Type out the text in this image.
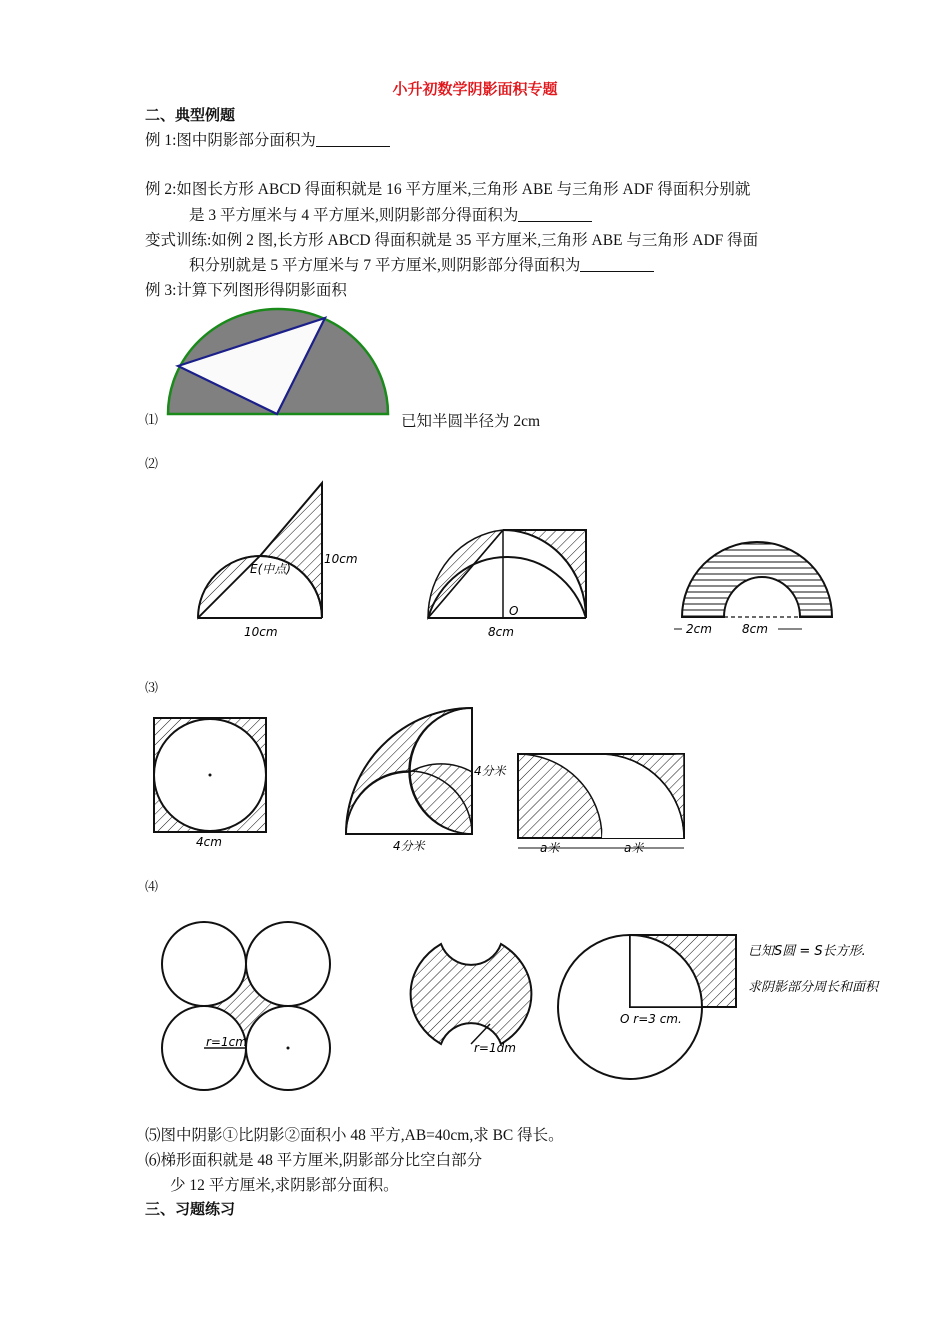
小升初数学阴影面积专题
二、典型例题
例 1:图中阴影部分面积为
例 2:如图长方形 ABCD 得面积就是 16 平方厘米,三角形 ABE 与三角形 ADF 得面积分别就
是 3 平方厘米与 4 平方厘米,则阴影部分得面积为
变式训练:如例 2 图,长方形 ABCD 得面积就是 35 平方厘米,三角形 ABE 与三角形 ADF 得面
积分别就是 5 平方厘米与 7 平方厘米,则阴影部分得面积为
例 3:计算下列图形得阴影面积
⑴	已知半圆半径为 2cm
⑵
⑶
⑷
⑸图中阴影①比阴影②面积小 48 平方,AB=40cm,求 BC 得长。
⑹梯形面积就是 48 平方厘米,阴影部分比空白部分
少 12 平方厘米,求阴影部分面积。
三、习题练习
E(中点)
10cm
10cm
O
8cm	2cm	8cm
4cm
4分米
4分米	a米	a米
r=1cm	r=1dm
O r=3 cm.
已知S圆 = S长方形.
求阴影部分周长和面积
